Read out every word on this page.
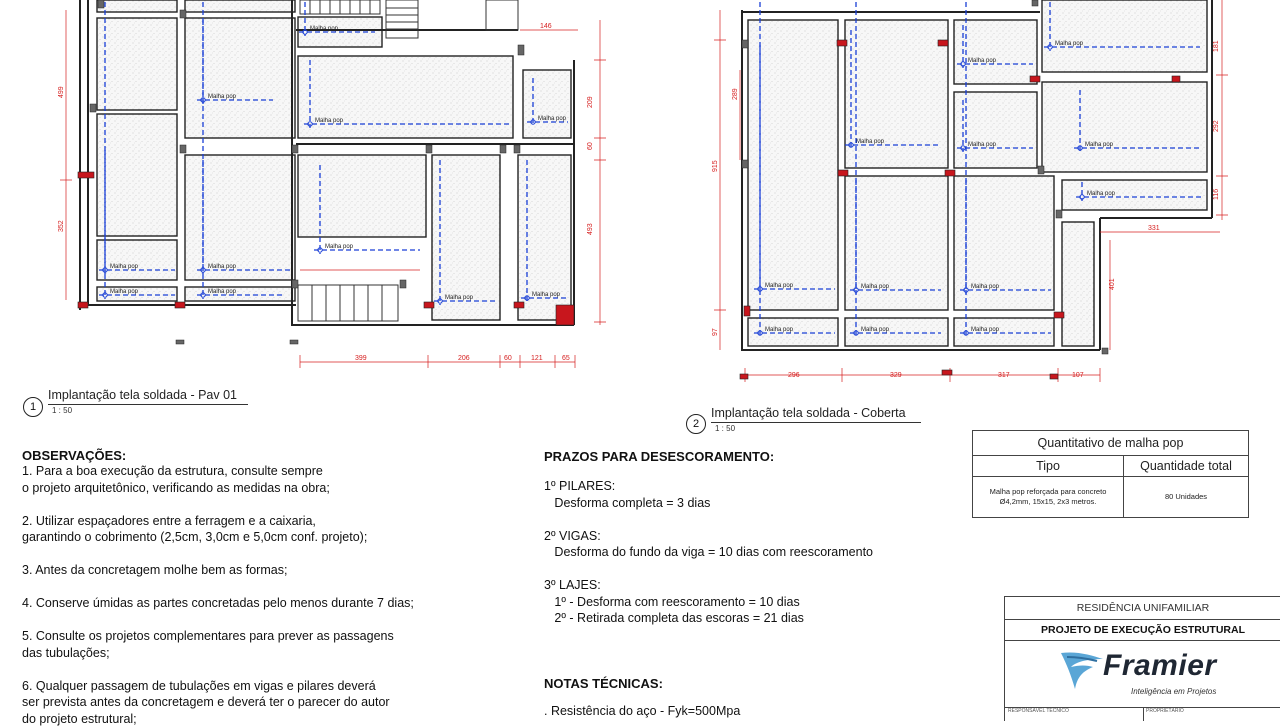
399	206	60	121	65
146
209
60
493
499
352
296	329	317	107
181
292
116
401
289
915
97
331
Malha pop
Malha pop
Malha pop	Malha pop
Malha pop
Malha pop	Malha pop
Malha pop	Malha pop
Malha pop	Malha pop
Malha pop
Malha pop
Malha pop	Malha pop	Malha pop
Malha pop
Malha pop	Malha pop	Malha pop
Malha pop	Malha pop	Malha pop
1
Implantação tela soldada - Pav 01
1 : 50
2
Implantação tela soldada - Coberta
1 : 50
OBSERVAÇÕES:
1. Para a boa execução da estrutura, consulte sempre
o projeto arquitetônico, verificando as medidas na obra;
2. Utilizar espaçadores entre a ferragem e a caixaria,
garantindo o cobrimento (2,5cm, 3,0cm e 5,0cm conf. projeto);
3. Antes da concretagem molhe bem as formas;
4. Conserve úmidas as partes concretadas pelo menos durante 7 dias;
5. Consulte os projetos complementares para prever as passagens
das tubulações;
6. Qualquer passagem de tubulações em vigas e pilares deverá
ser prevista antes da concretagem e deverá ter o parecer do autor
do projeto estrutural;
PRAZOS PARA DESESCORAMENTO:
1º PILARES:
Desforma completa = 3 dias
2º VIGAS:
Desforma do fundo da viga = 10 dias com reescoramento
3º LAJES:
1º - Desforma com reescoramento = 10 dias
2º - Retirada completa das escoras = 21 dias
NOTAS TÉCNICAS:
. Resistência do aço - Fyk=500Mpa
Quantitativo de malha pop	
Tipo	Quantidade total

Malha pop reforçada para concreto
Ø4,2mm, 15x15, 2x3 metros.	80 Unidades
RESIDÊNCIA UNIFAMILIAR
PROJETO DE EXECUÇÃO ESTRUTURAL
Framier
Inteligência em Projetos
RESPONSÁVEL TÉCNICO	PROPRIETÁRIO
